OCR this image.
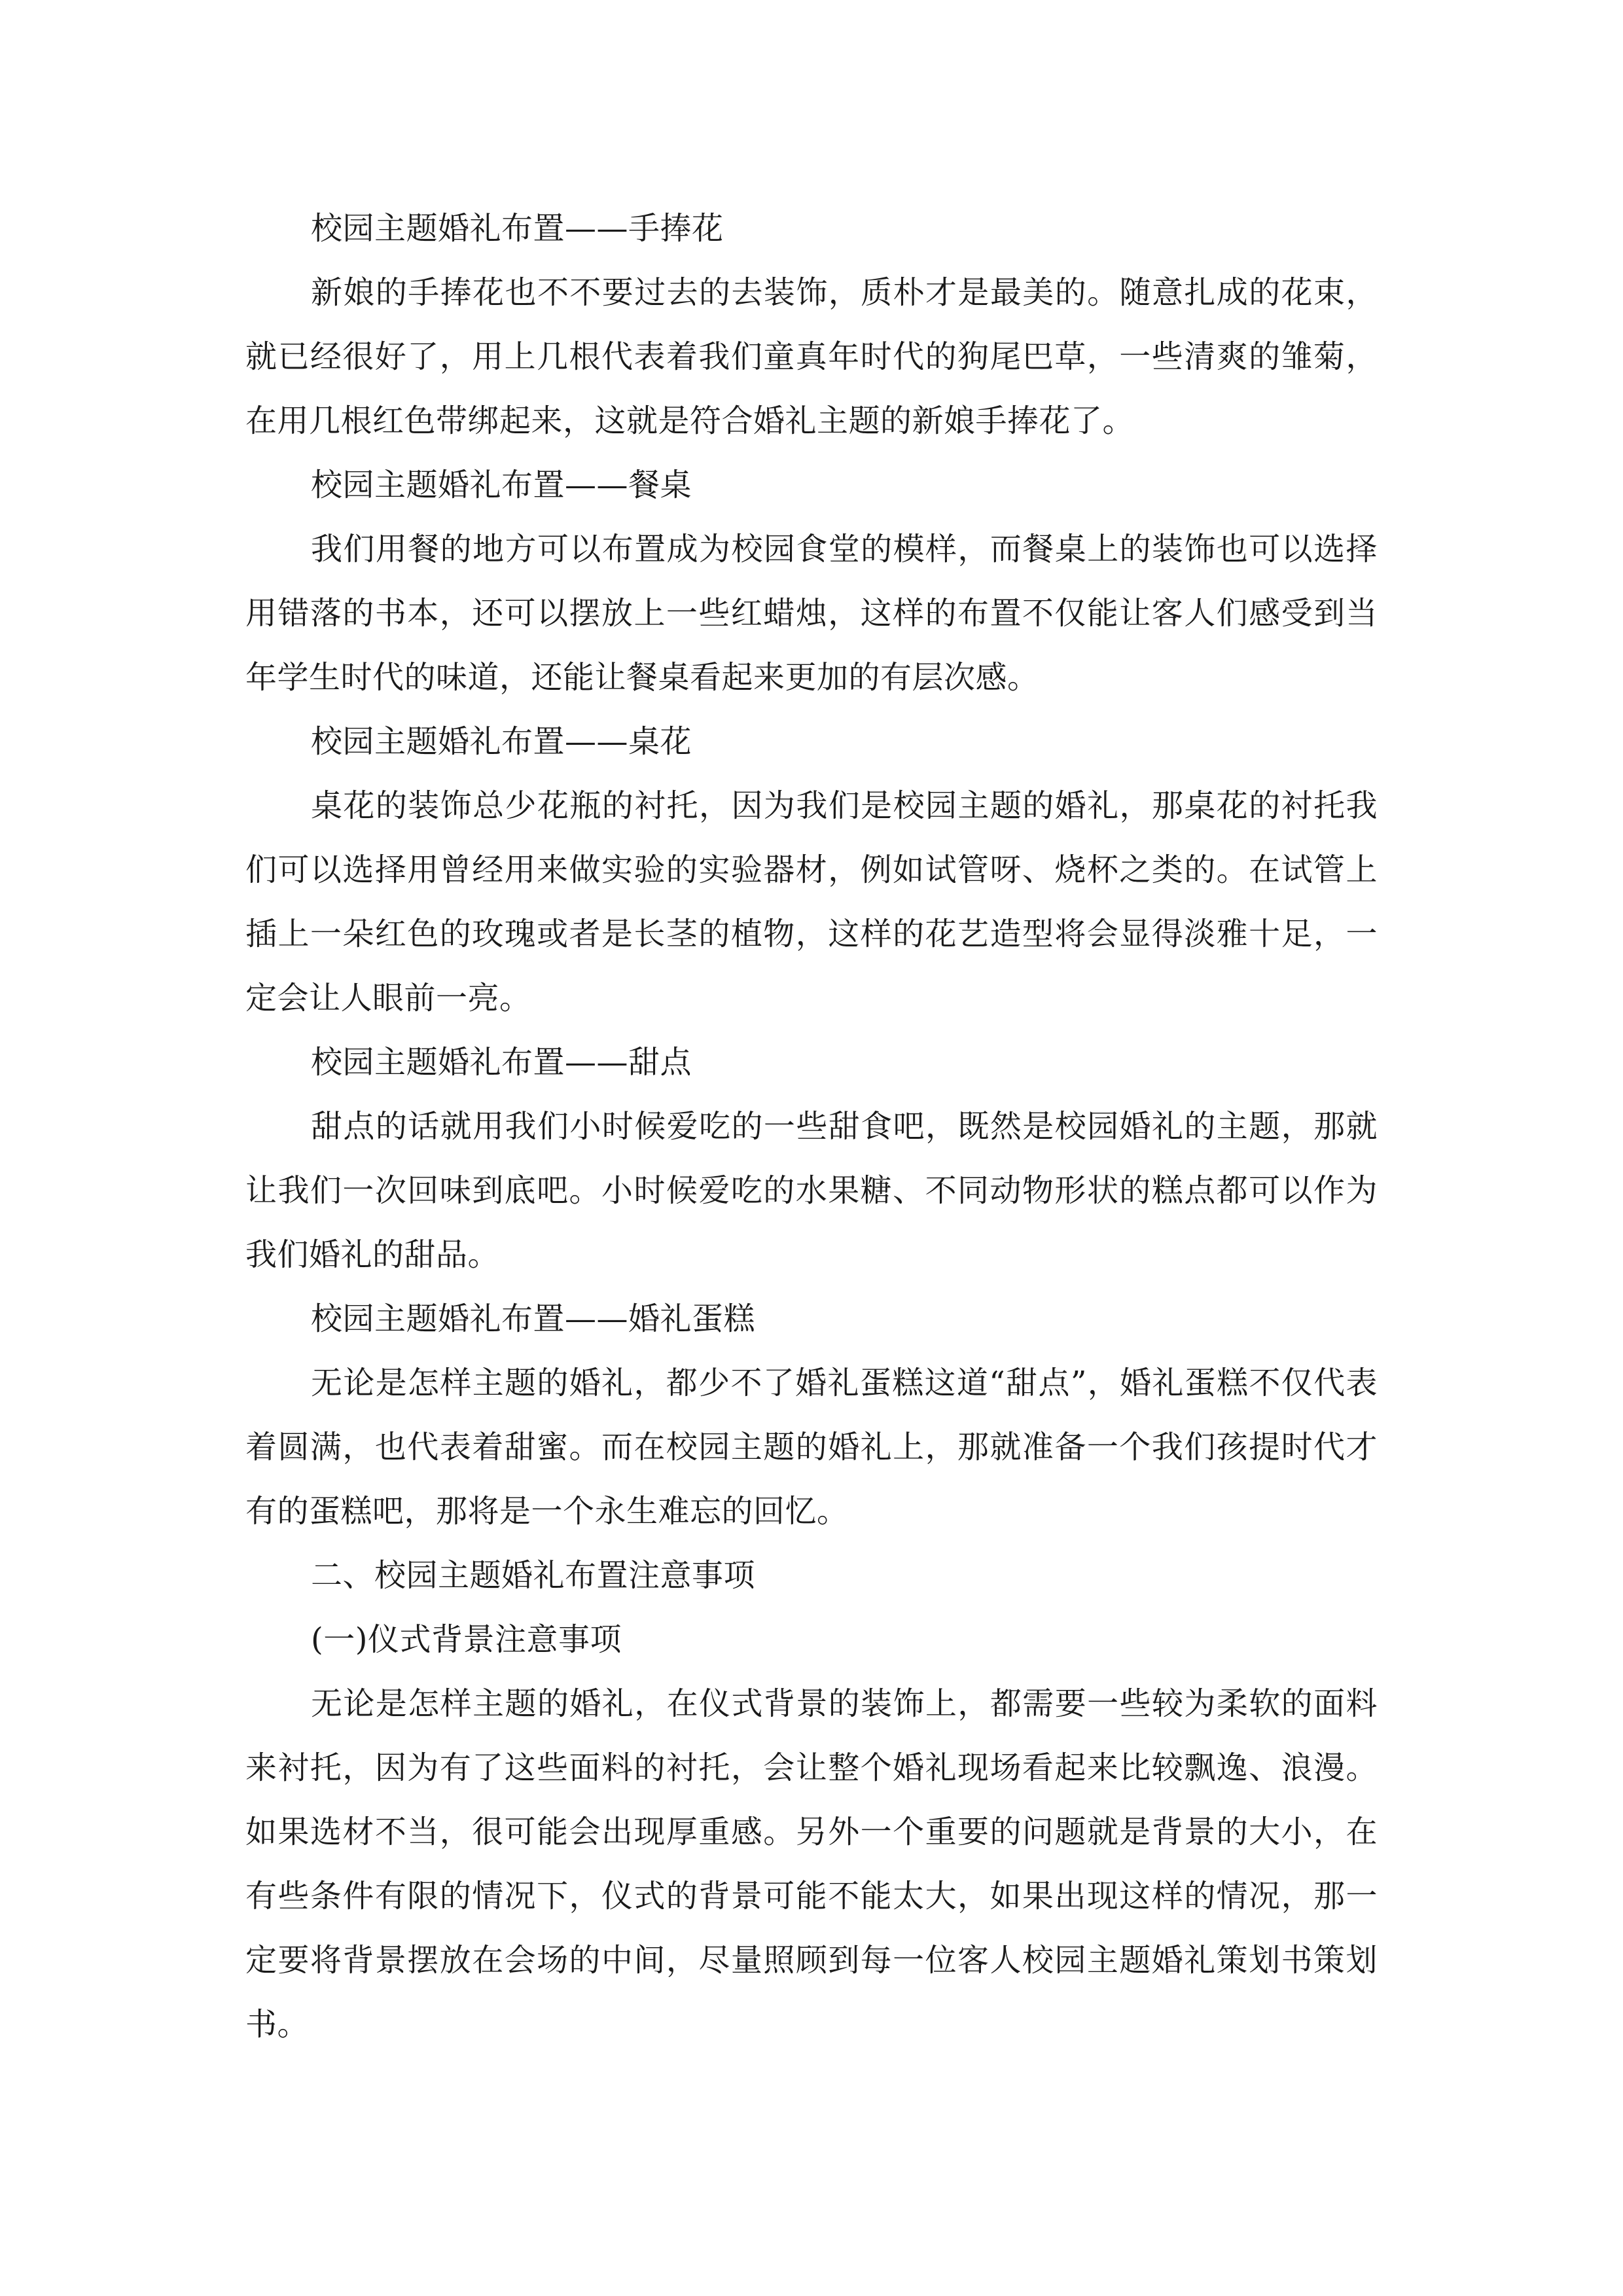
校园主题婚礼布置——手捧花

新娘的手捧花也不不要过去的去装饰，质朴才是最美的。随意扎成的花束，就已经很好了，用上几根代表着我们童真年时代的狗尾巴草，一些清爽的雏菊，在用几根红色带绑起来，这就是符合婚礼主题的新娘手捧花了。

校园主题婚礼布置——餐桌

我们用餐的地方可以布置成为校园食堂的模样，而餐桌上的装饰也可以选择用错落的书本，还可以摆放上一些红蜡烛，这样的布置不仅能让客人们感受到当年学生时代的味道，还能让餐桌看起来更加的有层次感。

校园主题婚礼布置——桌花

桌花的装饰总少花瓶的衬托，因为我们是校园主题的婚礼，那桌花的衬托我们可以选择用曾经用来做实验的实验器材，例如试管呀、烧杯之类的。在试管上插上一朵红色的玫瑰或者是长茎的植物，这样的花艺造型将会显得淡雅十足，一定会让人眼前一亮。

校园主题婚礼布置——甜点

甜点的话就用我们小时候爱吃的一些甜食吧，既然是校园婚礼的主题，那就让我们一次回味到底吧。小时候爱吃的水果糖、不同动物形状的糕点都可以作为我们婚礼的甜品。

校园主题婚礼布置——婚礼蛋糕

无论是怎样主题的婚礼，都少不了婚礼蛋糕这道“甜点”，婚礼蛋糕不仅代表着圆满，也代表着甜蜜。而在校园主题的婚礼上，那就准备一个我们孩提时代才有的蛋糕吧，那将是一个永生难忘的回忆。

二、校园主题婚礼布置注意事项

(一)仪式背景注意事项

无论是怎样主题的婚礼，在仪式背景的装饰上，都需要一些较为柔软的面料来衬托，因为有了这些面料的衬托，会让整个婚礼现场看起来比较飘逸、浪漫。如果选材不当，很可能会出现厚重感。另外一个重要的问题就是背景的大小，在有些条件有限的情况下，仪式的背景可能不能太大，如果出现这样的情况，那一定要将背景摆放在会场的中间，尽量照顾到每一位客人校园主题婚礼策划书策划书。
